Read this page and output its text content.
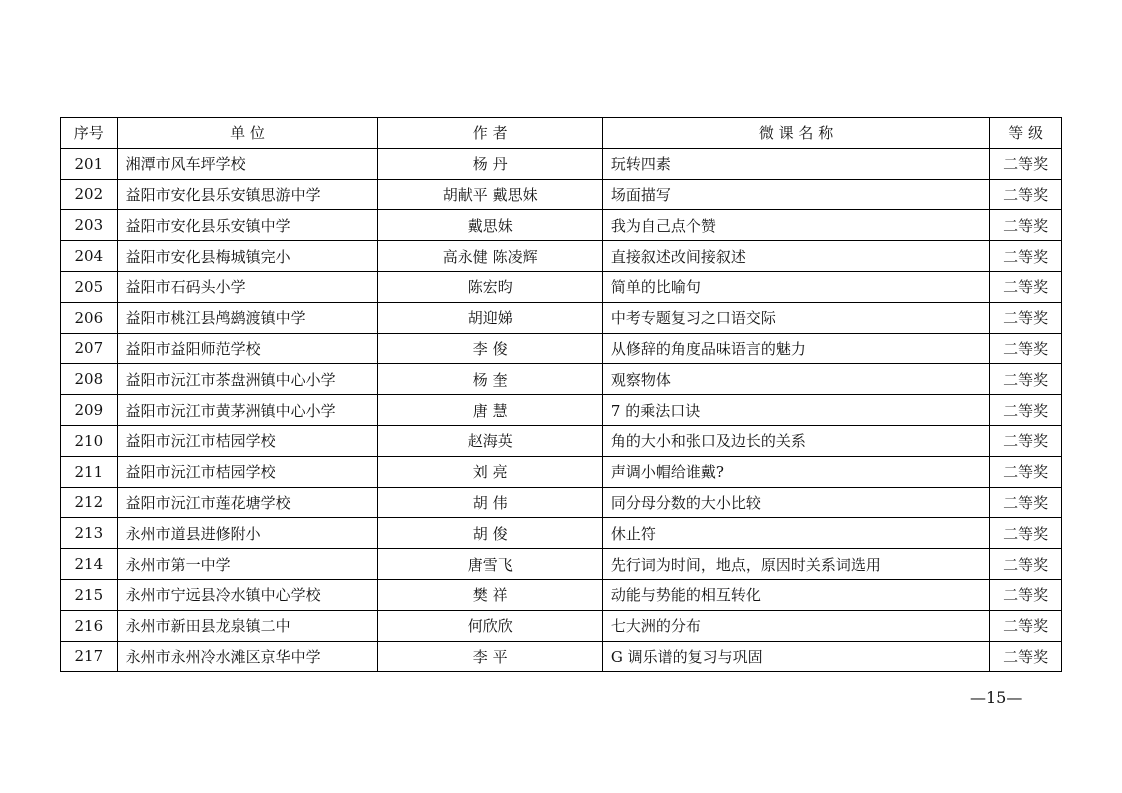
序号	单 位	作 者	微 课 名 称	等 级
201	湘潭市风车坪学校	杨 丹	玩转四素	二等奖
202	益阳市安化县乐安镇思游中学	胡献平 戴思妹	场面描写	二等奖
203	益阳市安化县乐安镇中学	戴思妹	我为自己点个赞	二等奖
204	益阳市安化县梅城镇完小	高永健 陈凌辉	直接叙述改间接叙述	二等奖
205	益阳市石码头小学	陈宏昀	简单的比喻句	二等奖
206	益阳市桃江县鸬鹚渡镇中学	胡迎娣	中考专题复习之口语交际	二等奖
207	益阳市益阳师范学校	李 俊	从修辞的角度品味语言的魅力	二等奖
208	益阳市沅江市茶盘洲镇中心小学	杨 奎	观察物体	二等奖
209	益阳市沅江市黄茅洲镇中心小学	唐 慧	7 的乘法口诀	二等奖
210	益阳市沅江市桔园学校	赵海英	角的大小和张口及边长的关系	二等奖
211	益阳市沅江市桔园学校	刘 亮	声调小帽给谁戴?	二等奖
212	益阳市沅江市莲花塘学校	胡 伟	同分母分数的大小比较	二等奖
213	永州市道县进修附小	胡 俊	休止符	二等奖
214	永州市第一中学	唐雪飞	先行词为时间，地点，原因时关系词选用	二等奖
215	永州市宁远县冷水镇中心学校	樊 祥	动能与势能的相互转化	二等奖
216	永州市新田县龙泉镇二中	何欣欣	七大洲的分布	二等奖
217	永州市永州冷水滩区京华中学	李 平	G 调乐谱的复习与巩固	二等奖
—15—
